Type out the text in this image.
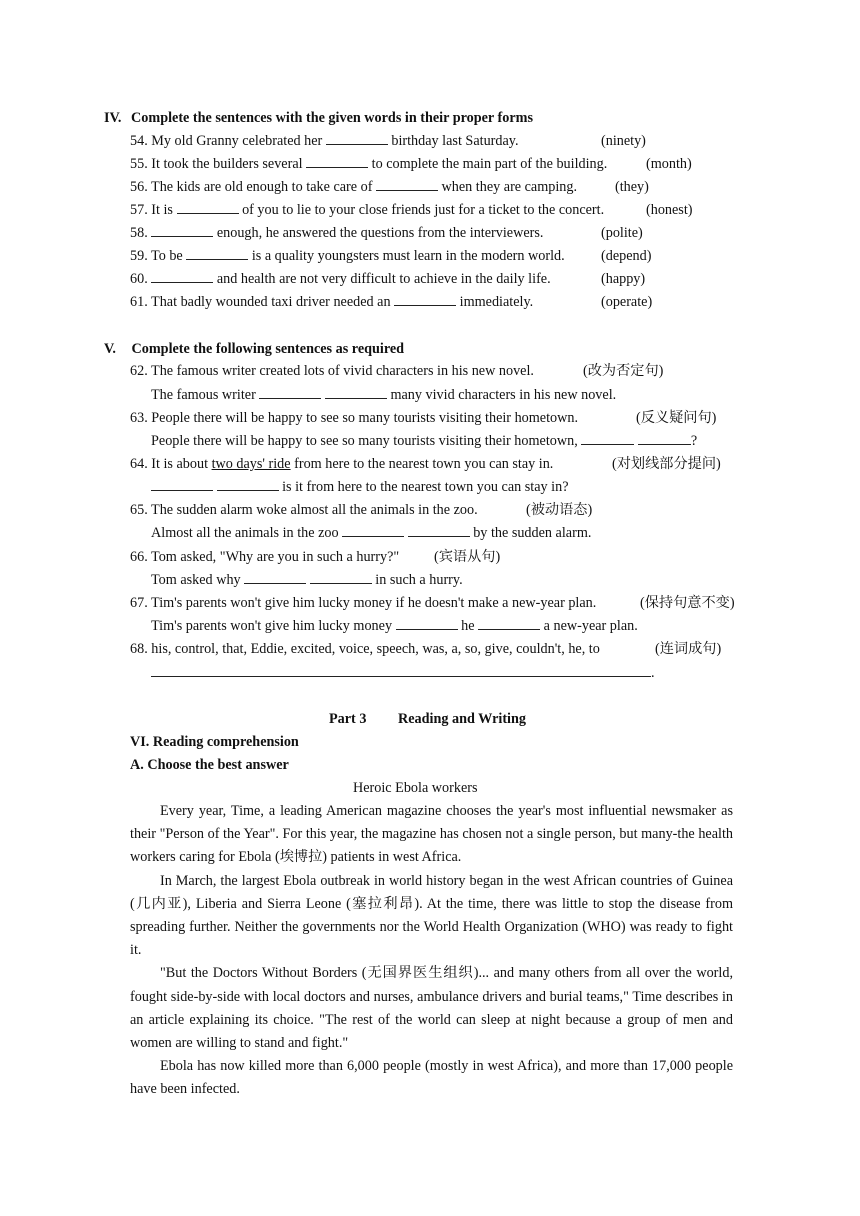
IV. Complete the sentences with the given words in their proper forms
54. My old Granny celebrated her	birthday last Saturday.	(ninety)
55. It took the builders several	to complete the main part of the building.	(month)
56. The kids are old enough to take care of	when they are camping.	(they)
57. It is	of you to lie to your close friends just for a ticket to the concert.	(honest)
58.	enough, he answered the questions from the interviewers.	(polite)
59. To be	is a quality youngsters must learn in the modern world.	(depend)
60.	and health are not very difficult to achieve in the daily life.	(happy)
61. That badly wounded taxi driver needed an	immediately.	(operate)
V. Complete the following sentences as required
62. The famous writer created lots of vivid characters in his new novel.	(改为否定句)
The famous writer	many vivid characters in his new novel.
63. People there will be happy to see so many tourists visiting their hometown.	(反义疑问句)
People there will be happy to see so many tourists visiting their hometown,	?
64. It is about two days' ride from here to the nearest town you can stay in.	(对划线部分提问)
is it from here to the nearest town you can stay in?
65. The sudden alarm woke almost all the animals in the zoo.	(被动语态)
Almost all the animals in the zoo	by the sudden alarm.
66. Tom asked, "Why are you in such a hurry?" (宾语从句)
Tom asked why	in such a hurry.
67. Tim's parents won't give him lucky money if he doesn't make a new-year plan.	(保持句意不变)
Tim's parents won't give him lucky money	he	a new-year plan.
68. his, control, that, Eddie, excited, voice, speech, was, a, so, give, couldn't, he, to	(连词成句)
.
Part 3 Reading and Writing
VI. Reading comprehension
A. Choose the best answer
Heroic Ebola workers
Every year, Time, a leading American magazine chooses the year's most influential newsmaker as their "Person of the Year". For this year, the magazine has chosen not a single person, but many-the health workers caring for Ebola (埃博拉) patients in west Africa.
In March, the largest Ebola outbreak in world history began in the west African countries of Guinea (几内亚), Liberia and Sierra Leone (塞拉利昂). At the time, there was little to stop the disease from spreading further. Neither the governments nor the World Health Organization (WHO) was ready to fight it.
"But the Doctors Without Borders (无国界医生组织)... and many others from all over the world, fought side-by-side with local doctors and nurses, ambulance drivers and burial teams," Time describes in an article explaining its choice. "The rest of the world can sleep at night because a group of men and women are willing to stand and fight."
Ebola has now killed more than 6,000 people (mostly in west Africa), and more than 17,000 people have been infected.
